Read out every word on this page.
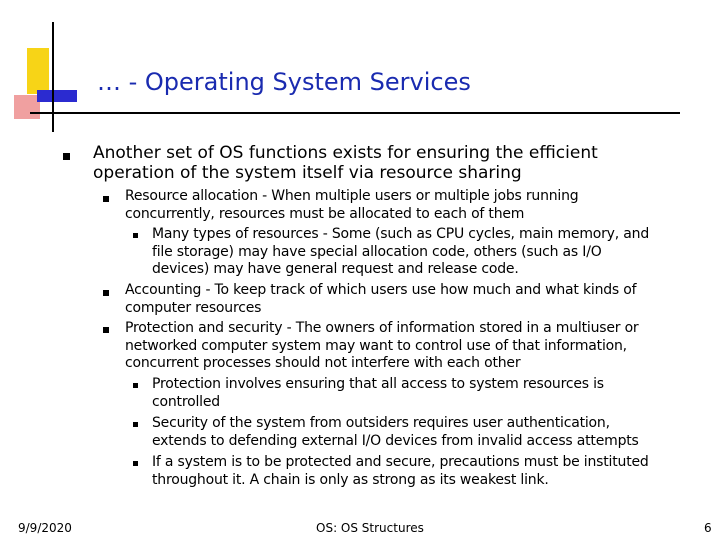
… - Operating System Services
Another set of OS functions exists for ensuring the efficient operation of the system itself via resource sharing
Resource allocation - When multiple users or multiple jobs running concurrently, resources must be allocated to each of them
Many types of resources - Some (such as CPU cycles, main memory, and file storage) may have special allocation code, others (such as I/O devices) may have general request and release code.
Accounting - To keep track of which users use how much and what kinds of computer resources
Protection and security - The owners of information stored in a multiuser or networked computer system may want to control use of that information, concurrent processes should not interfere with each other
Protection involves ensuring that all access to system resources is controlled
Security of the system from outsiders requires user authentication, extends to defending external I/O devices from invalid access attempts
If a system is to be protected and secure, precautions must be instituted throughout it. A chain is only as strong as its weakest link.
9/9/2020	OS: OS Structures	6
